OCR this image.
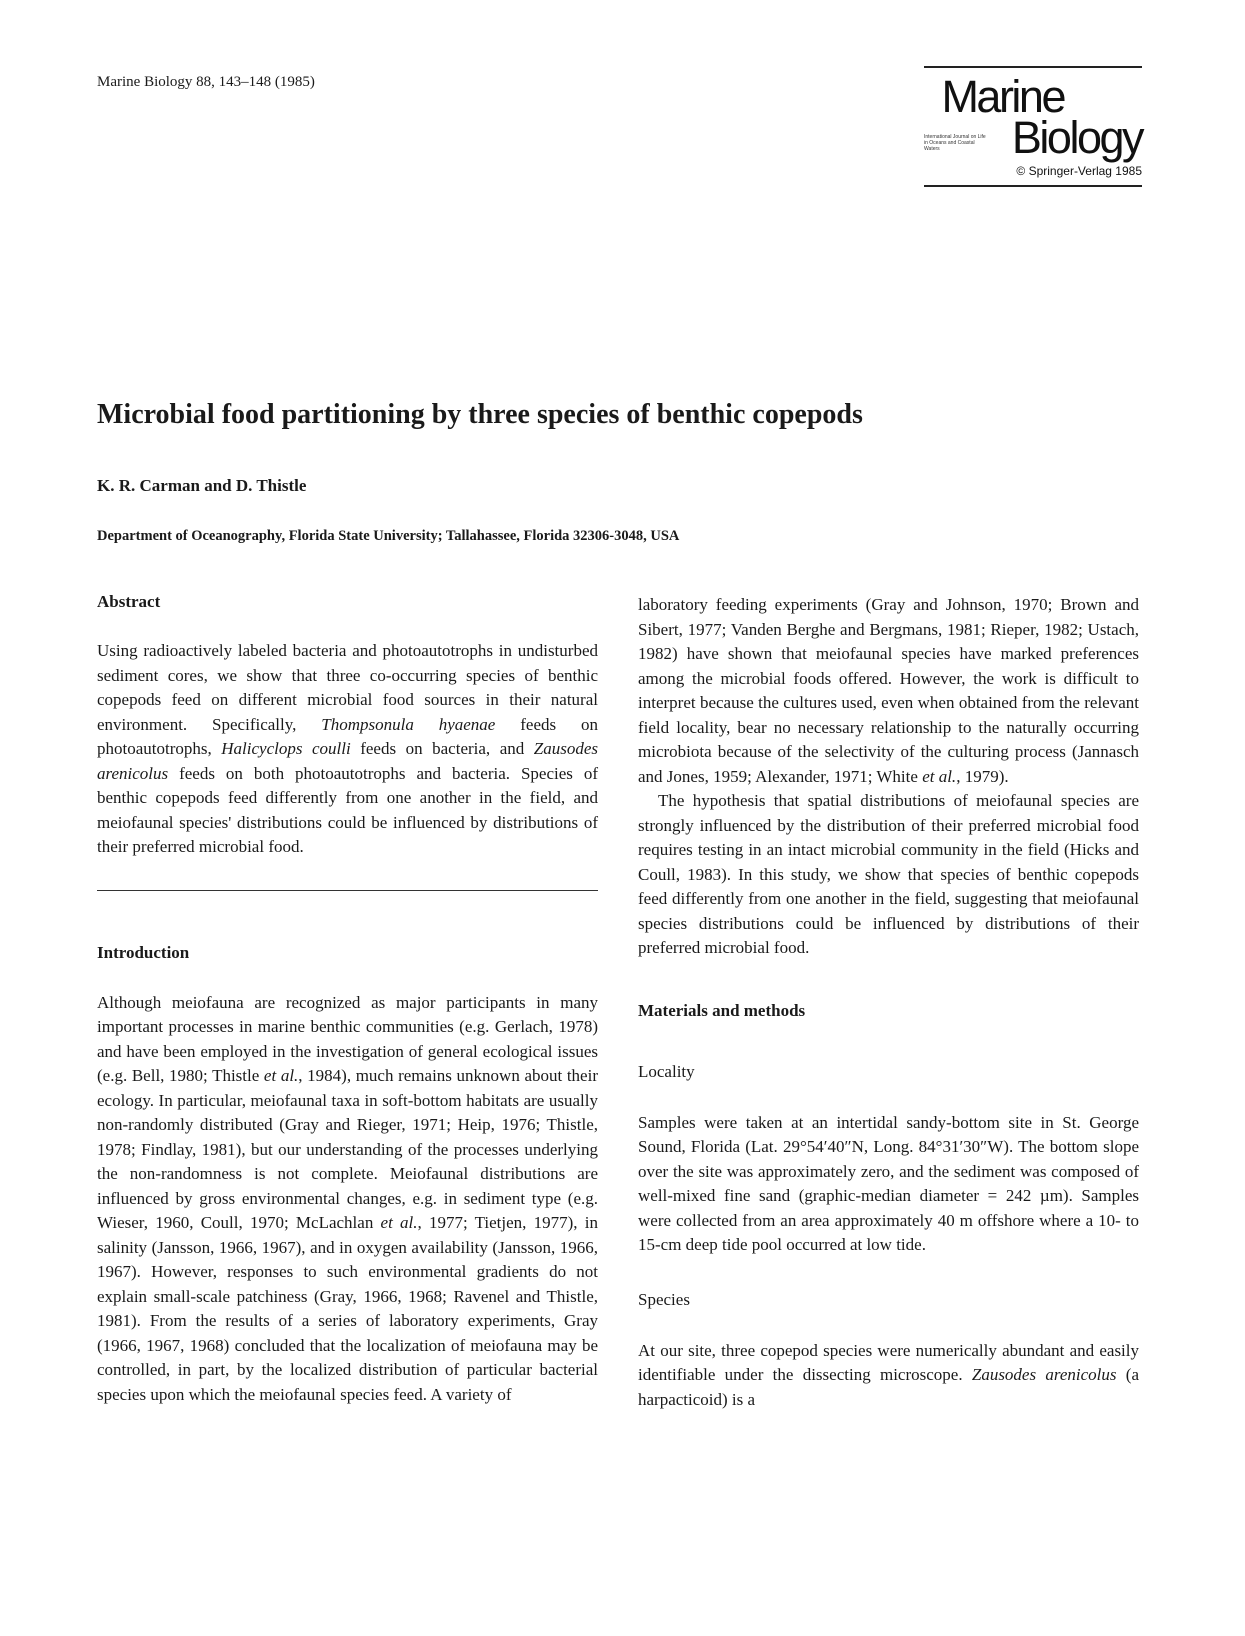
Marine Biology 88, 143–148 (1985)	Marine
International Journal on Life in Oceans and Coastal Waters	Biology
© Springer-Verlag 1985
Microbial food partitioning by three species of benthic copepods
K. R. Carman and D. Thistle
Department of Oceanography, Florida State University; Tallahassee, Florida 32306-3048, USA
Abstract

Using radioactively labeled bacteria and photoautotrophs in undisturbed sediment cores, we show that three co-occurring species of benthic copepods feed on different microbial food sources in their natural environment. Specifically, Thompsonula hyaenae feeds on photoautotrophs, Halicyclops coulli feeds on bacteria, and Zausodes arenicolus feeds on both photoautotrophs and bacteria. Species of benthic copepods feed differently from one another in the field, and meiofaunal species' distributions could be influenced by distributions of their preferred microbial food.

Introduction

Although meiofauna are recognized as major participants in many important processes in marine benthic communities (e.g. Gerlach, 1978) and have been employed in the investigation of general ecological issues (e.g. Bell, 1980; Thistle et al., 1984), much remains unknown about their ecology. In particular, meiofaunal taxa in soft-bottom habitats are usually non-randomly distributed (Gray and Rieger, 1971; Heip, 1976; Thistle, 1978; Findlay, 1981), but our understanding of the processes underlying the non-randomness is not complete. Meiofaunal distributions are influenced by gross environmental changes, e.g. in sediment type (e.g. Wieser, 1960, Coull, 1970; McLachlan et al., 1977; Tietjen, 1977), in salinity (Jansson, 1966, 1967), and in oxygen availability (Jansson, 1966, 1967). However, responses to such environmental gradients do not explain small-scale patchiness (Gray, 1966, 1968; Ravenel and Thistle, 1981). From the results of a series of laboratory experiments, Gray (1966, 1967, 1968) concluded that the localization of meiofauna may be controlled, in part, by the localized distribution of particular bacterial species upon which the meiofaunal species feed. A variety of

laboratory feeding experiments (Gray and Johnson, 1970; Brown and Sibert, 1977; Vanden Berghe and Bergmans, 1981; Rieper, 1982; Ustach, 1982) have shown that meiofaunal species have marked preferences among the microbial foods offered. However, the work is difficult to interpret because the cultures used, even when obtained from the relevant field locality, bear no necessary relationship to the naturally occurring microbiota because of the selectivity of the culturing process (Jannasch and Jones, 1959; Alexander, 1971; White et al., 1979).

The hypothesis that spatial distributions of meiofaunal species are strongly influenced by the distribution of their preferred microbial food requires testing in an intact microbial community in the field (Hicks and Coull, 1983). In this study, we show that species of benthic copepods feed differently from one another in the field, suggesting that meiofaunal species distributions could be influenced by distributions of their preferred microbial food.

Materials and methods
Locality

Samples were taken at an intertidal sandy-bottom site in St. George Sound, Florida (Lat. 29°54′40″N, Long. 84°31′30″W). The bottom slope over the site was approximately zero, and the sediment was composed of well-mixed fine sand (graphic-median diameter = 242 µm). Samples were collected from an area approximately 40 m offshore where a 10- to 15-cm deep tide pool occurred at low tide.

Species

At our site, three copepod species were numerically abundant and easily identifiable under the dissecting microscope. Zausodes arenicolus (a harpacticoid) is a
